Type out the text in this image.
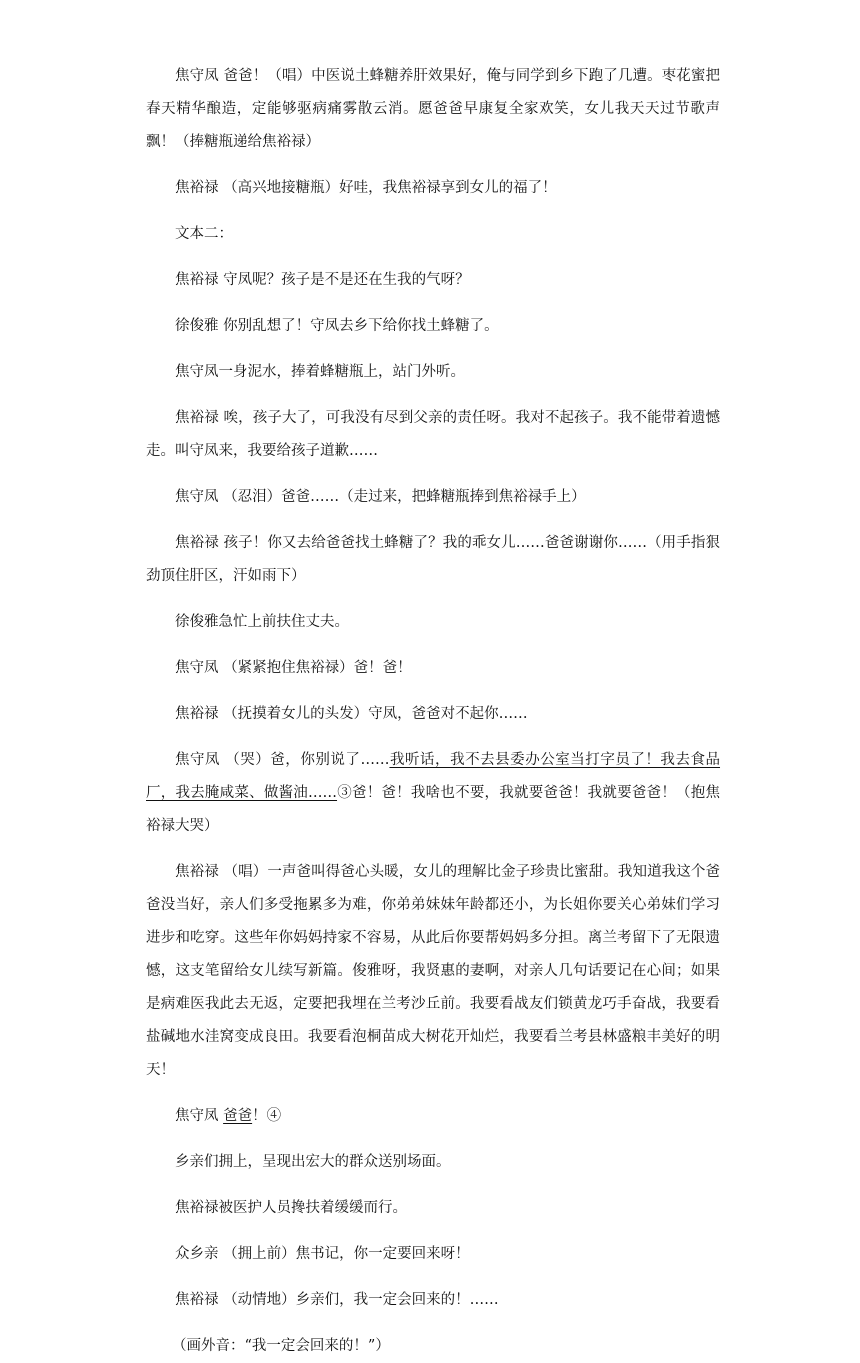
焦守凤 爸爸！（唱）中医说土蜂糖养肝效果好，俺与同学到乡下跑了几遭。枣花蜜把春天精华酿造，定能够驱病痛雾散云消。愿爸爸早康复全家欢笑，女儿我天天过节歌声飘！（捧糖瓶递给焦裕禄）

焦裕禄 （高兴地接糖瓶）好哇，我焦裕禄享到女儿的福了！

文本二：

焦裕禄 守凤呢？孩子是不是还在生我的气呀？

徐俊雅 你别乱想了！守凤去乡下给你找土蜂糖了。

焦守凤一身泥水，捧着蜂糖瓶上，站门外听。

焦裕禄 唉，孩子大了，可我没有尽到父亲的责任呀。我对不起孩子。我不能带着遗憾走。叫守凤来，我要给孩子道歉……

焦守凤 （忍泪）爸爸……（走过来，把蜂糖瓶捧到焦裕禄手上）

焦裕禄 孩子！你又去给爸爸找土蜂糖了？我的乖女儿……爸爸谢谢你……（用手指狠劲顶住肝区，汗如雨下）

徐俊雅急忙上前扶住丈夫。

焦守凤 （紧紧抱住焦裕禄）爸！爸！

焦裕禄 （抚摸着女儿的头发）守凤，爸爸对不起你……

焦守凤 （哭）爸，你别说了……我听话，我不去县委办公室当打字员了！我去食品厂，我去腌咸菜、做酱油……③爸！爸！我啥也不要，我就要爸爸！我就要爸爸！（抱焦裕禄大哭）

焦裕禄 （唱）一声爸叫得爸心头暖，女儿的理解比金子珍贵比蜜甜。我知道我这个爸爸没当好，亲人们多受拖累多为难，你弟弟妹妹年龄都还小，为长姐你要关心弟妹们学习进步和吃穿。这些年你妈妈持家不容易，从此后你要帮妈妈多分担。离兰考留下了无限遗憾，这支笔留给女儿续写新篇。俊雅呀，我贤惠的妻啊，对亲人几句话要记在心间；如果是病难医我此去无返，定要把我埋在兰考沙丘前。我要看战友们锁黄龙巧手奋战，我要看盐碱地水洼窝变成良田。我要看泡桐苗成大树花开灿烂，我要看兰考县林盛粮丰美好的明天！

焦守凤 爸爸！④

乡亲们拥上，呈现出宏大的群众送别场面。

焦裕禄被医护人员搀扶着缓缓而行。

众乡亲 （拥上前）焦书记，你一定要回来呀！

焦裕禄 （动情地）乡亲们，我一定会回来的！……

（画外音：“我一定会回来的！”）
